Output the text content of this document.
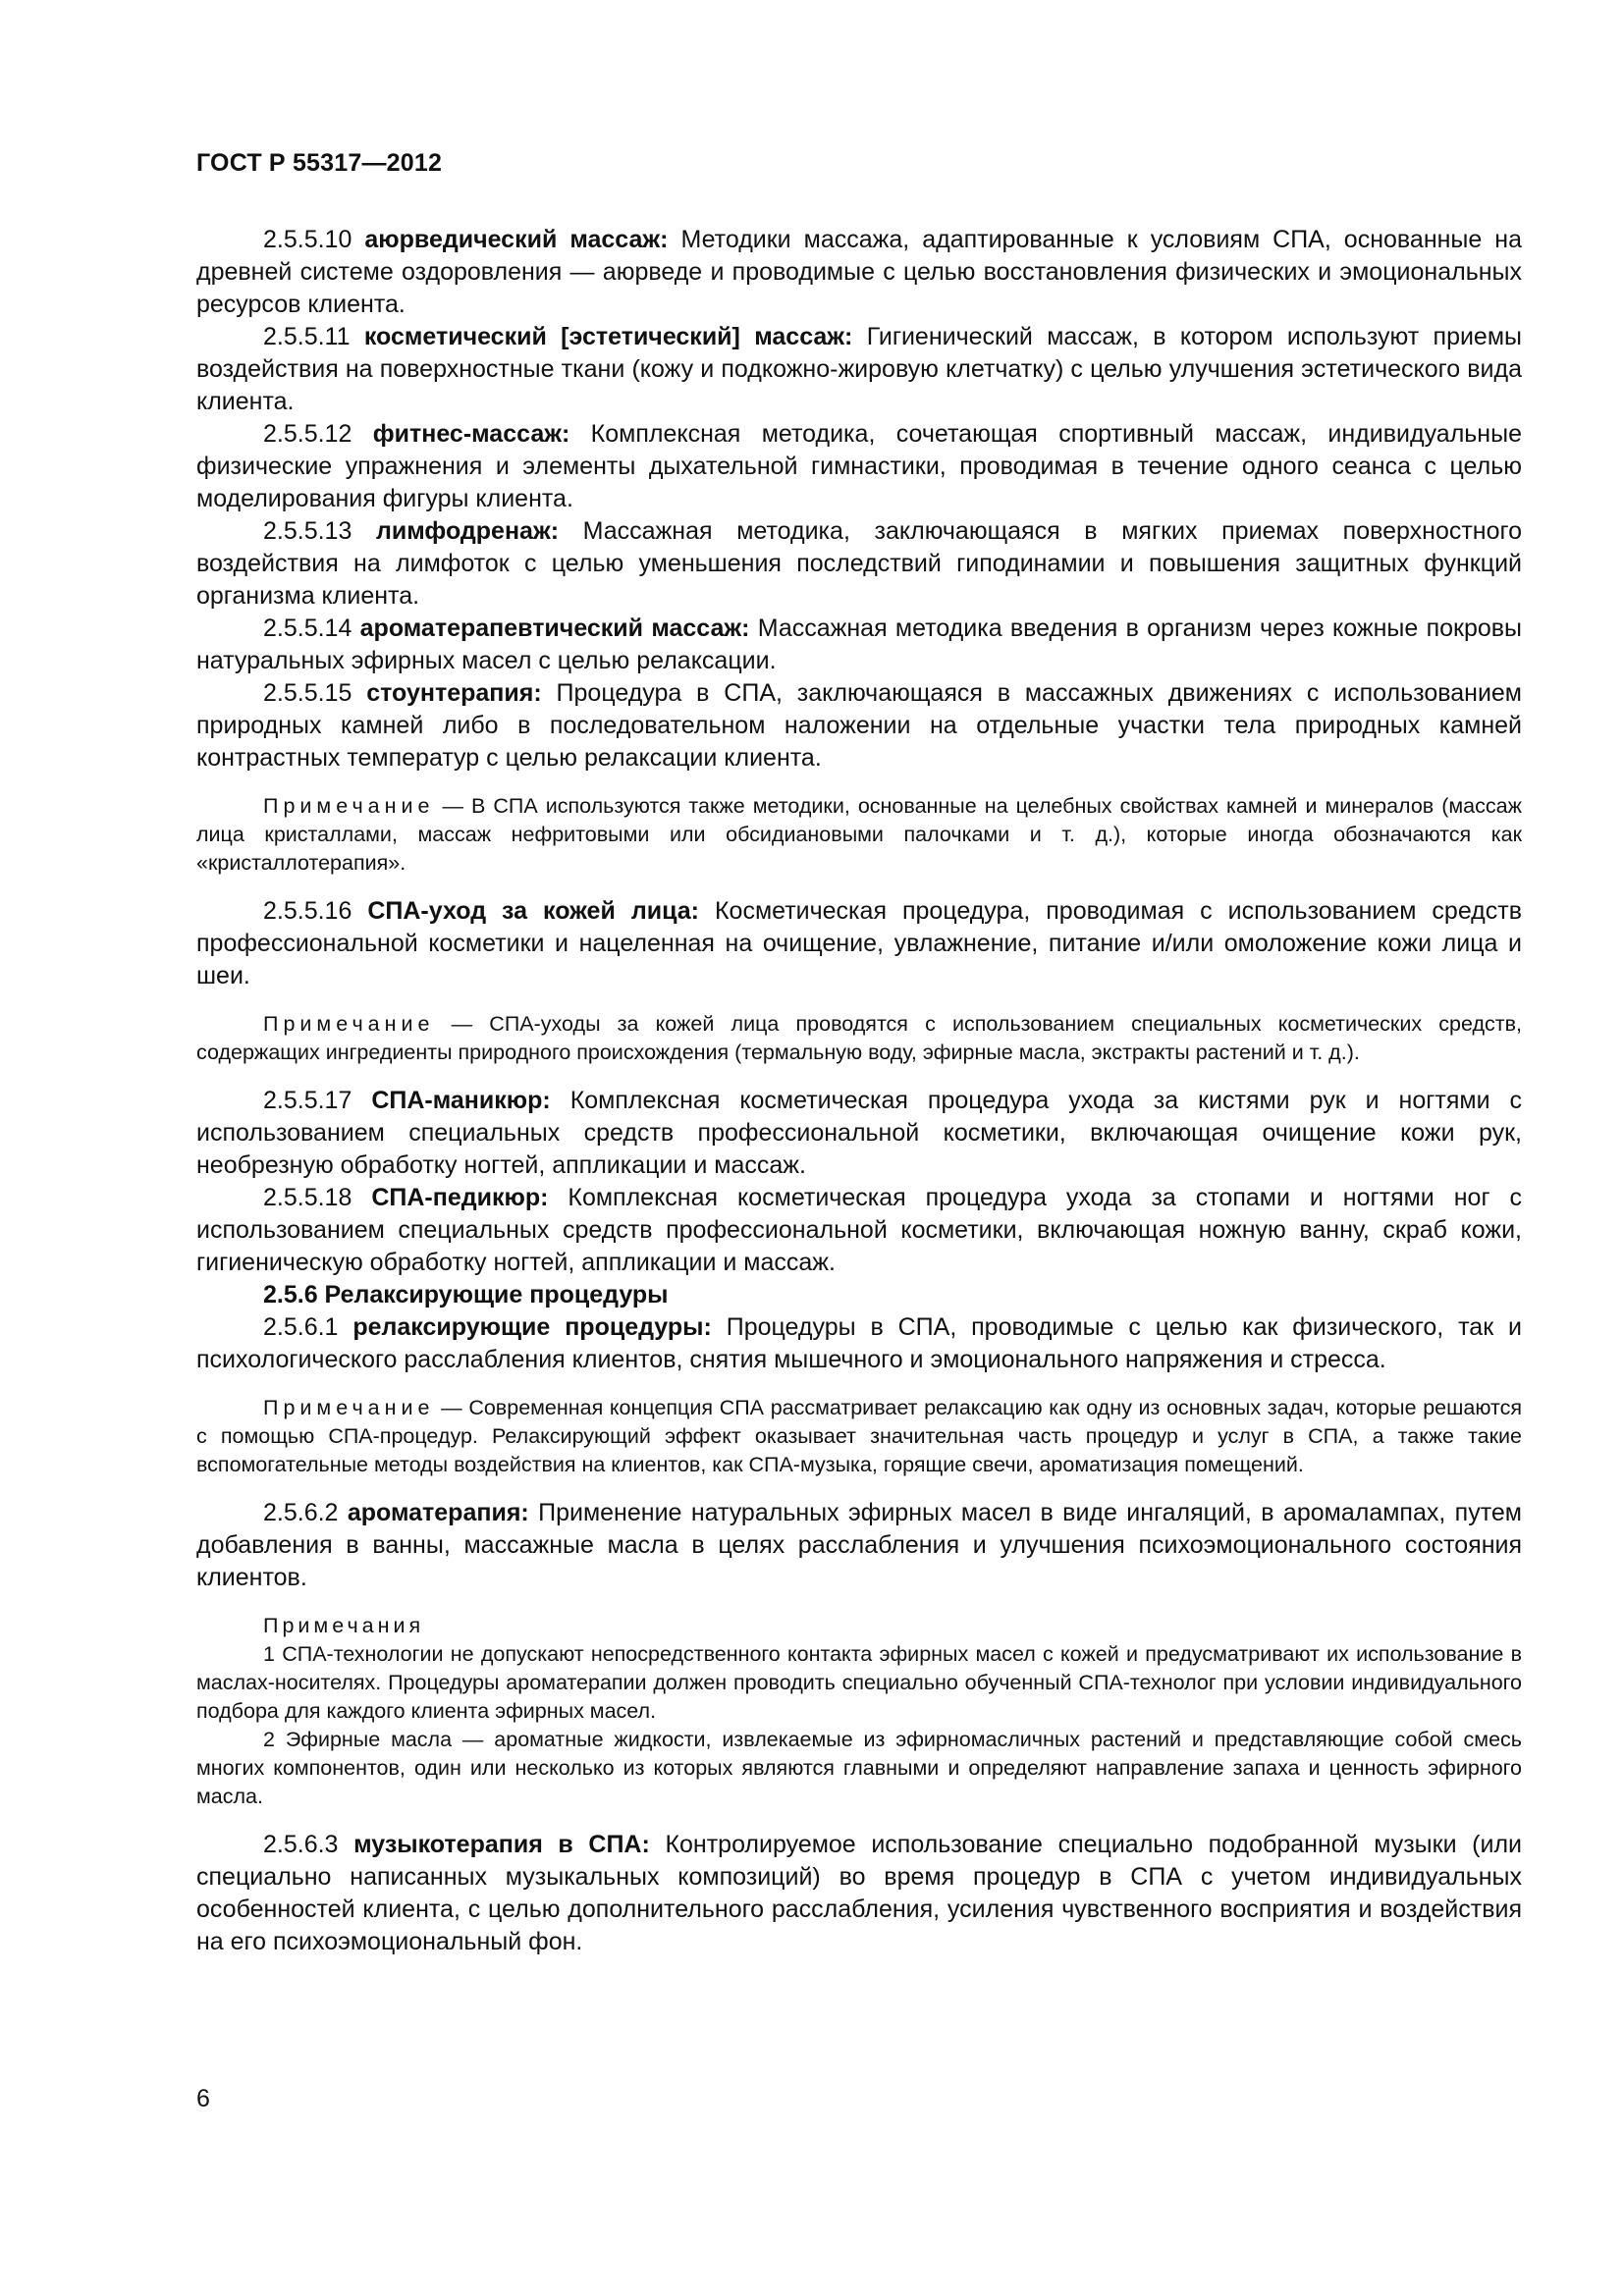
ГОСТ Р 55317—2012

2.5.5.10 аюрведический массаж: Методики массажа, адаптированные к условиям СПА, основанные на древней системе оздоровления — аюрведе и проводимые с целью восстановления физических и эмоциональных ресурсов клиента.

2.5.5.11 косметический [эстетический] массаж: Гигиенический массаж, в котором используют приемы воздействия на поверхностные ткани (кожу и подкожно-жировую клетчатку) с целью улучшения эстетического вида клиента.

2.5.5.12 фитнес-массаж: Комплексная методика, сочетающая спортивный массаж, индивидуальные физические упражнения и элементы дыхательной гимнастики, проводимая в течение одного сеанса с целью моделирования фигуры клиента.

2.5.5.13 лимфодренаж: Массажная методика, заключающаяся в мягких приемах поверхностного воздействия на лимфоток с целью уменьшения последствий гиподинамии и повышения защитных функций организма клиента.

2.5.5.14 ароматерапевтический массаж: Массажная методика введения в организм через кожные покровы натуральных эфирных масел с целью релаксации.

2.5.5.15 стоунтерапия: Процедура в СПА, заключающаяся в массажных движениях с использованием природных камней либо в последовательном наложении на отдельные участки тела природных камней контрастных температур с целью релаксации клиента.

Примечание — В СПА используются также методики, основанные на целебных свойствах камней и минералов (массаж лица кристаллами, массаж нефритовыми или обсидиановыми палочками и т. д.), которые иногда обозначаются как «кристаллотерапия».

2.5.5.16 СПА-уход за кожей лица: Косметическая процедура, проводимая с использованием средств профессиональной косметики и нацеленная на очищение, увлажнение, питание и/или омоложение кожи лица и шеи.

Примечание — СПА-уходы за кожей лица проводятся с использованием специальных косметических средств, содержащих ингредиенты природного происхождения (термальную воду, эфирные масла, экстракты растений и т. д.).

2.5.5.17 СПА-маникюр: Комплексная косметическая процедура ухода за кистями рук и ногтями с использованием специальных средств профессиональной косметики, включающая очищение кожи рук, необрезную обработку ногтей, аппликации и массаж.

2.5.5.18 СПА-педикюр: Комплексная косметическая процедура ухода за стопами и ногтями ног с использованием специальных средств профессиональной косметики, включающая ножную ванну, скраб кожи, гигиеническую обработку ногтей, аппликации и массаж.

2.5.6 Релаксирующие процедуры

2.5.6.1 релаксирующие процедуры: Процедуры в СПА, проводимые с целью как физического, так и психологического расслабления клиентов, снятия мышечного и эмоционального напряжения и стресса.

Примечание — Современная концепция СПА рассматривает релаксацию как одну из основных задач, которые решаются с помощью СПА-процедур. Релаксирующий эффект оказывает значительная часть процедур и услуг в СПА, а также такие вспомогательные методы воздействия на клиентов, как СПА-музыка, горящие свечи, ароматизация помещений.

2.5.6.2 ароматерапия: Применение натуральных эфирных масел в виде ингаляций, в аромалампах, путем добавления в ванны, массажные масла в целях расслабления и улучшения психоэмоционального состояния клиентов.

Примечания

1 СПА-технологии не допускают непосредственного контакта эфирных масел с кожей и предусматривают их использование в маслах-носителях. Процедуры ароматерапии должен проводить специально обученный СПА-технолог при условии индивидуального подбора для каждого клиента эфирных масел.

2 Эфирные масла — ароматные жидкости, извлекаемые из эфирномасличных растений и представляющие собой смесь многих компонентов, один или несколько из которых являются главными и определяют направление запаха и ценность эфирного масла.

2.5.6.3 музыкотерапия в СПА: Контролируемое использование специально подобранной музыки (или специально написанных музыкальных композиций) во время процедур в СПА с учетом индивидуальных особенностей клиента, с целью дополнительного расслабления, усиления чувственного восприятия и воздействия на его психоэмоциональный фон.

6
